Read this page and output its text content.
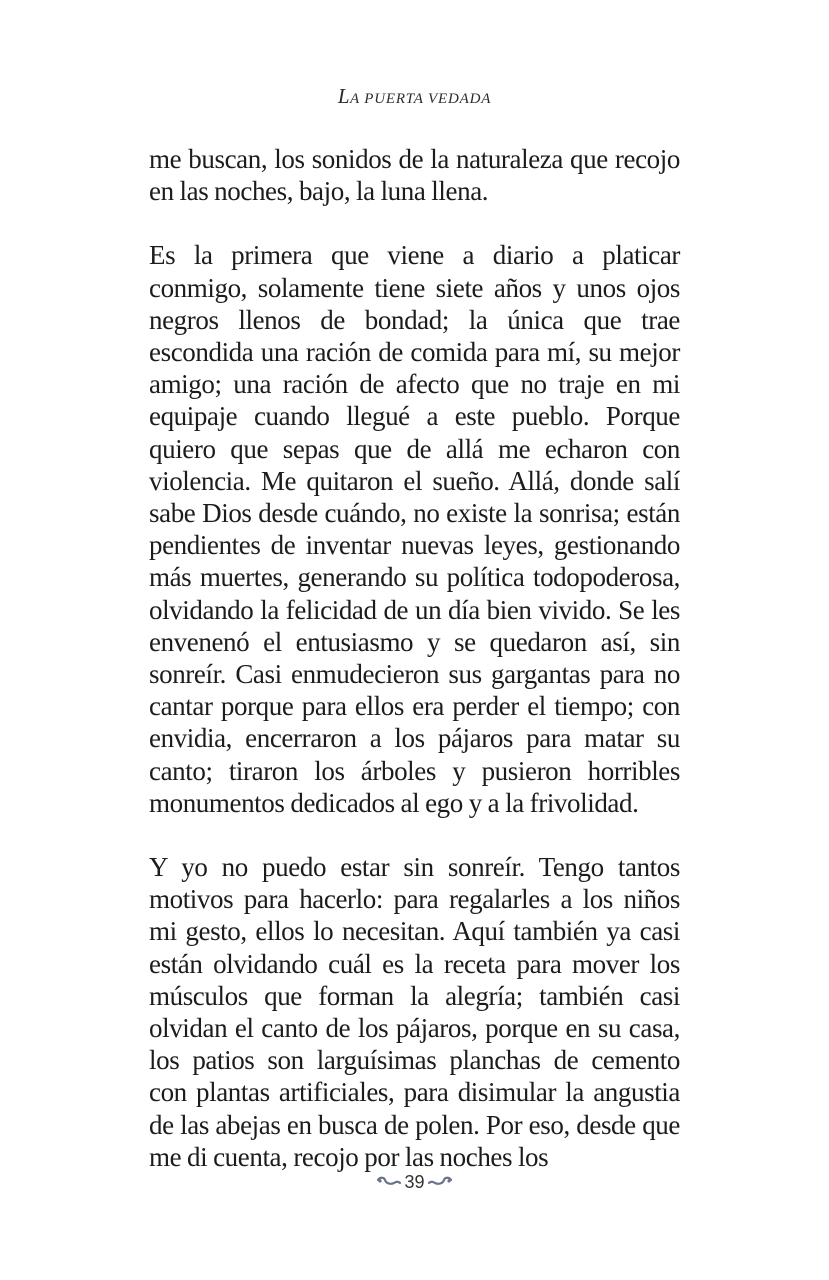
LA PUERTA VEDADA

me buscan, los sonidos de la naturaleza que recojo en las noches, bajo, la luna llena.

Es la primera que viene a diario a platicar conmigo, solamente tiene siete años y unos ojos negros llenos de bondad; la única que trae escondida una ración de comida para mí, su mejor amigo; una ración de afecto que no traje en mi equipaje cuando llegué a este pueblo. Porque quiero que sepas que de allá me echaron con violencia. Me quitaron el sueño. Allá, donde salí sabe Dios desde cuándo, no existe la sonrisa; están pendientes de inventar nuevas leyes, gestionando más muertes, generando su política todopoderosa, olvidando la felicidad de un día bien vivido. Se les envenenó el entusiasmo y se quedaron así, sin sonreír. Casi enmudecieron sus gargantas para no cantar porque para ellos era perder el tiempo; con envidia, encerraron a los pájaros para matar su canto; tiraron los árboles y pusieron horribles monumentos dedicados al ego y a la frivolidad.

Y yo no puedo estar sin sonreír. Tengo tantos motivos para hacerlo: para regalarles a los niños mi gesto, ellos lo necesitan. Aquí también ya casi están olvidando cuál es la receta para mover los músculos que forman la alegría; también casi olvidan el canto de los pájaros, porque en su casa, los patios son larguísimas planchas de cemento con plantas artificiales, para disimular la angustia de las abejas en busca de polen. Por eso, desde que me di cuenta, recojo por las noches los

39
